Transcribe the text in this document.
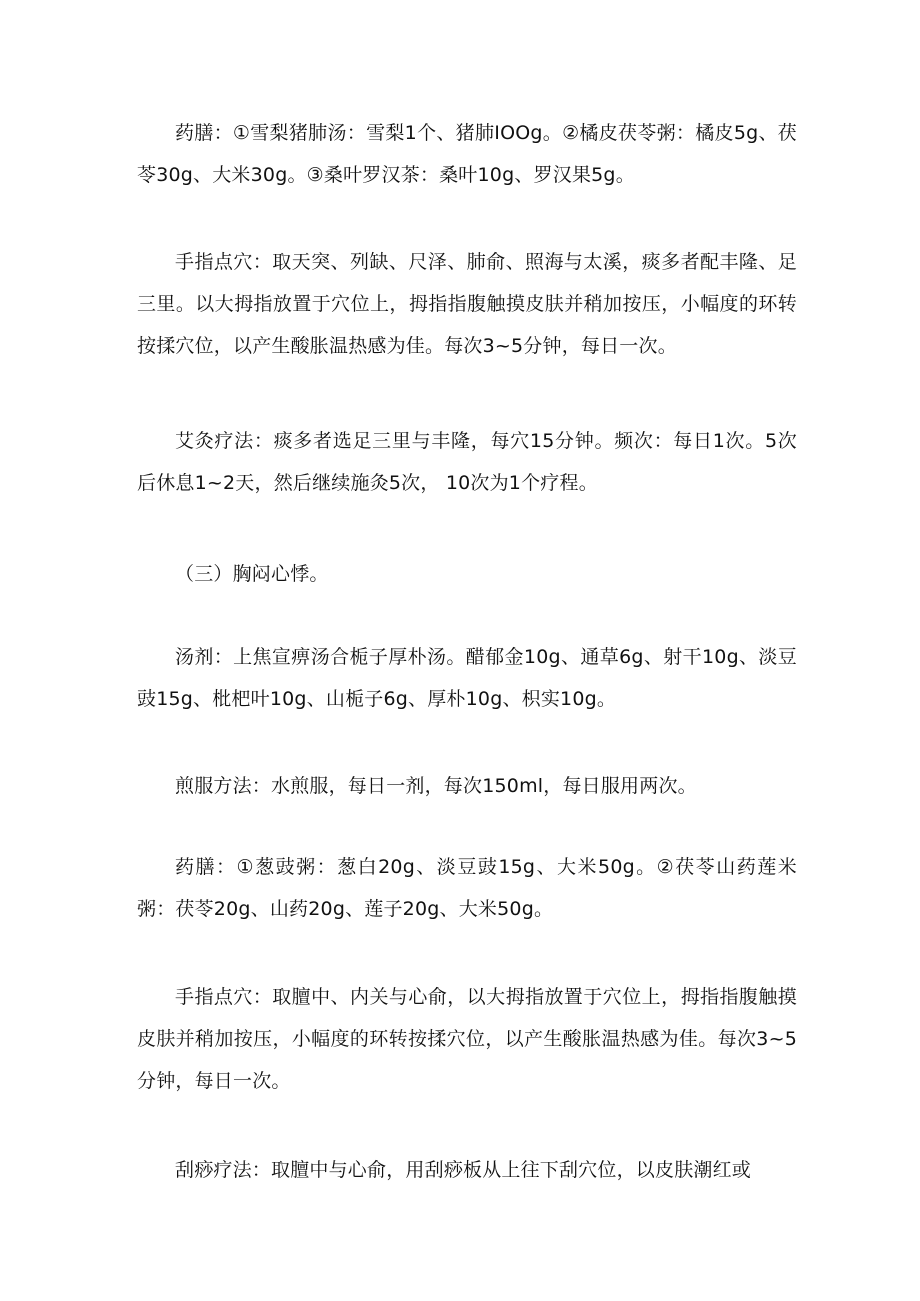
药膳：①雪梨猪肺汤：雪梨1个、猪肺IOOg。②橘皮茯苓粥：橘皮5g、茯苓30g、大米30g。③桑叶罗汉茶：桑叶10g、罗汉果5g。

手指点穴：取天突、列缺、尺泽、肺俞、照海与太溪，痰多者配丰隆、足三里。以大拇指放置于穴位上，拇指指腹触摸皮肤并稍加按压，小幅度的环转按揉穴位，以产生酸胀温热感为佳。每次3~5分钟，每日一次。

艾灸疗法：痰多者选足三里与丰隆，每穴15分钟。频次：每日1次。5次后休息1~2天，然后继续施灸5次， 10次为1个疗程。

（三）胸闷心悸。

汤剂：上焦宣痹汤合栀子厚朴汤。醋郁金10g、通草6g、射干10g、淡豆豉15g、枇杷叶10g、山栀子6g、厚朴10g、枳实10g。

煎服方法：水煎服，每日一剂，每次150ml，每日服用两次。

药膳：①葱豉粥：葱白20g、淡豆豉15g、大米50g。②茯苓山药莲米粥：茯苓20g、山药20g、莲子20g、大米50g。

手指点穴：取膻中、内关与心俞，以大拇指放置于穴位上，拇指指腹触摸皮肤并稍加按压，小幅度的环转按揉穴位，以产生酸胀温热感为佳。每次3~5分钟，每日一次。

刮痧疗法：取膻中与心俞，用刮痧板从上往下刮穴位，以皮肤潮红或
